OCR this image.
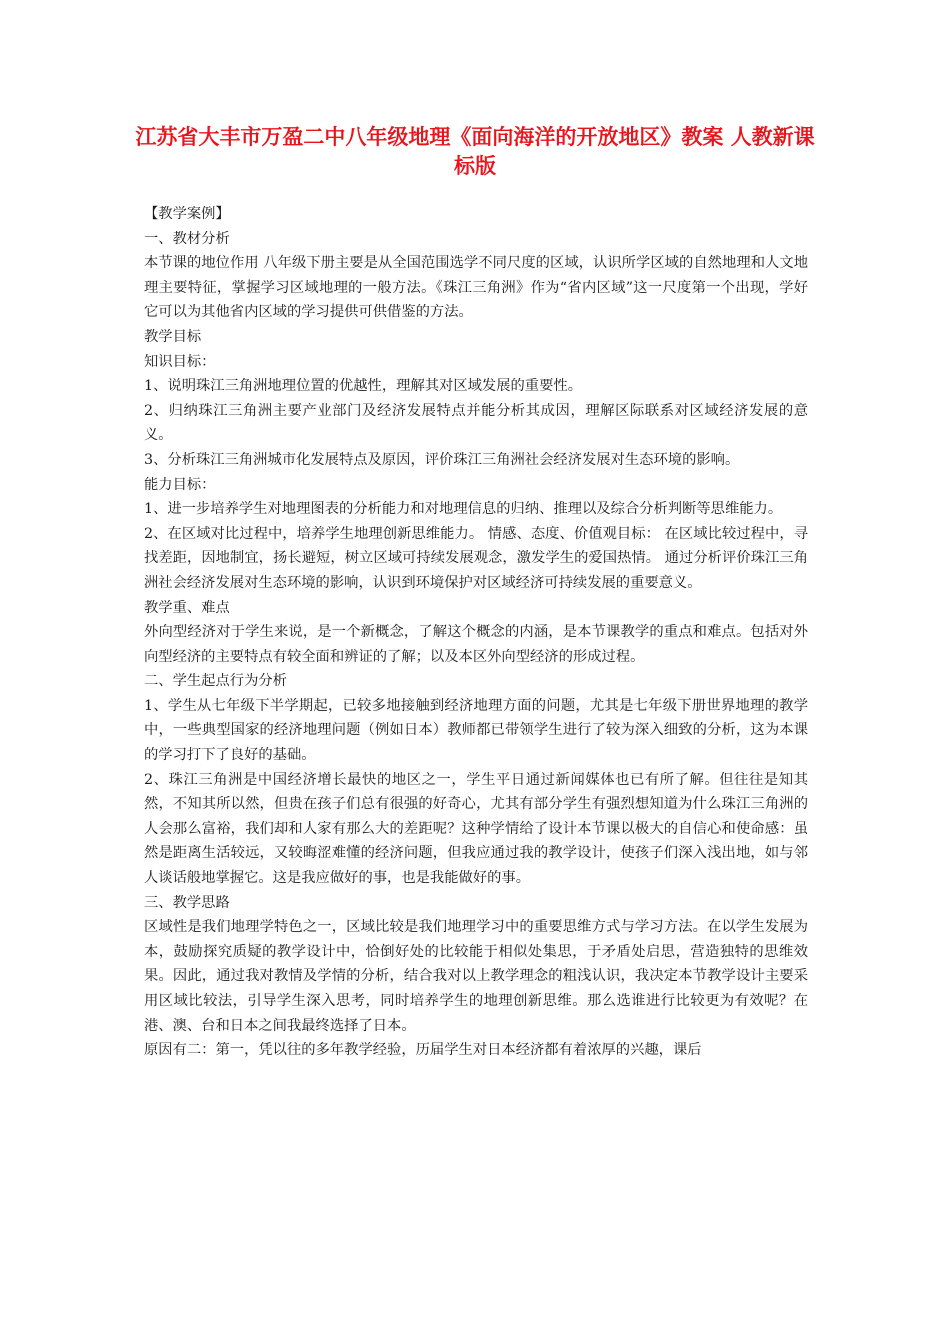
江苏省大丰市万盈二中八年级地理《面向海洋的开放地区》教案 人教新课标版

【教学案例】

一、教材分析

本节课的地位作用 八年级下册主要是从全国范围选学不同尺度的区域，认识所学区域的自然地理和人文地理主要特征，掌握学习区域地理的一般方法。《珠江三角洲》作为“省内区域”这一尺度第一个出现，学好它可以为其他省内区域的学习提供可供借鉴的方法。

教学目标

知识目标：

1、说明珠江三角洲地理位置的优越性，理解其对区域发展的重要性。

2、归纳珠江三角洲主要产业部门及经济发展特点并能分析其成因，理解区际联系对区域经济发展的意义。

3、分析珠江三角洲城市化发展特点及原因，评价珠江三角洲社会经济发展对生态环境的影响。

能力目标：

1、进一步培养学生对地理图表的分析能力和对地理信息的归纳、推理以及综合分析判断等思维能力。

2、在区域对比过程中，培养学生地理创新思维能力。 情感、态度、价值观目标： 在区域比较过程中，寻找差距，因地制宜，扬长避短，树立区域可持续发展观念，激发学生的爱国热情。 通过分析评价珠江三角洲社会经济发展对生态环境的影响，认识到环境保护对区域经济可持续发展的重要意义。

教学重、难点

外向型经济对于学生来说，是一个新概念，了解这个概念的内涵，是本节课教学的重点和难点。包括对外向型经济的主要特点有较全面和辨证的了解；以及本区外向型经济的形成过程。

二、学生起点行为分析

1、学生从七年级下半学期起，已较多地接触到经济地理方面的问题，尤其是七年级下册世界地理的教学中，一些典型国家的经济地理问题（例如日本）教师都已带领学生进行了较为深入细致的分析，这为本课的学习打下了良好的基础。

2、珠江三角洲是中国经济增长最快的地区之一，学生平日通过新闻媒体也已有所了解。但往往是知其然，不知其所以然，但贵在孩子们总有很强的好奇心，尤其有部分学生有强烈想知道为什么珠江三角洲的人会那么富裕，我们却和人家有那么大的差距呢？这种学情给了设计本节课以极大的自信心和使命感：虽然是距离生活较远，又较晦涩难懂的经济问题，但我应通过我的教学设计，使孩子们深入浅出地，如与邻人谈话般地掌握它。这是我应做好的事，也是我能做好的事。

三、教学思路

区域性是我们地理学特色之一，区域比较是我们地理学习中的重要思维方式与学习方法。在以学生发展为本，鼓励探究质疑的教学设计中，恰倒好处的比较能于相似处集思，于矛盾处启思，营造独特的思维效果。因此，通过我对教情及学情的分析，结合我对以上教学理念的粗浅认识，我决定本节教学设计主要采用区域比较法，引导学生深入思考，同时培养学生的地理创新思维。那么选谁进行比较更为有效呢？在港、澳、台和日本之间我最终选择了日本。

原因有二：第一，凭以往的多年教学经验，历届学生对日本经济都有着浓厚的兴趣，课后
